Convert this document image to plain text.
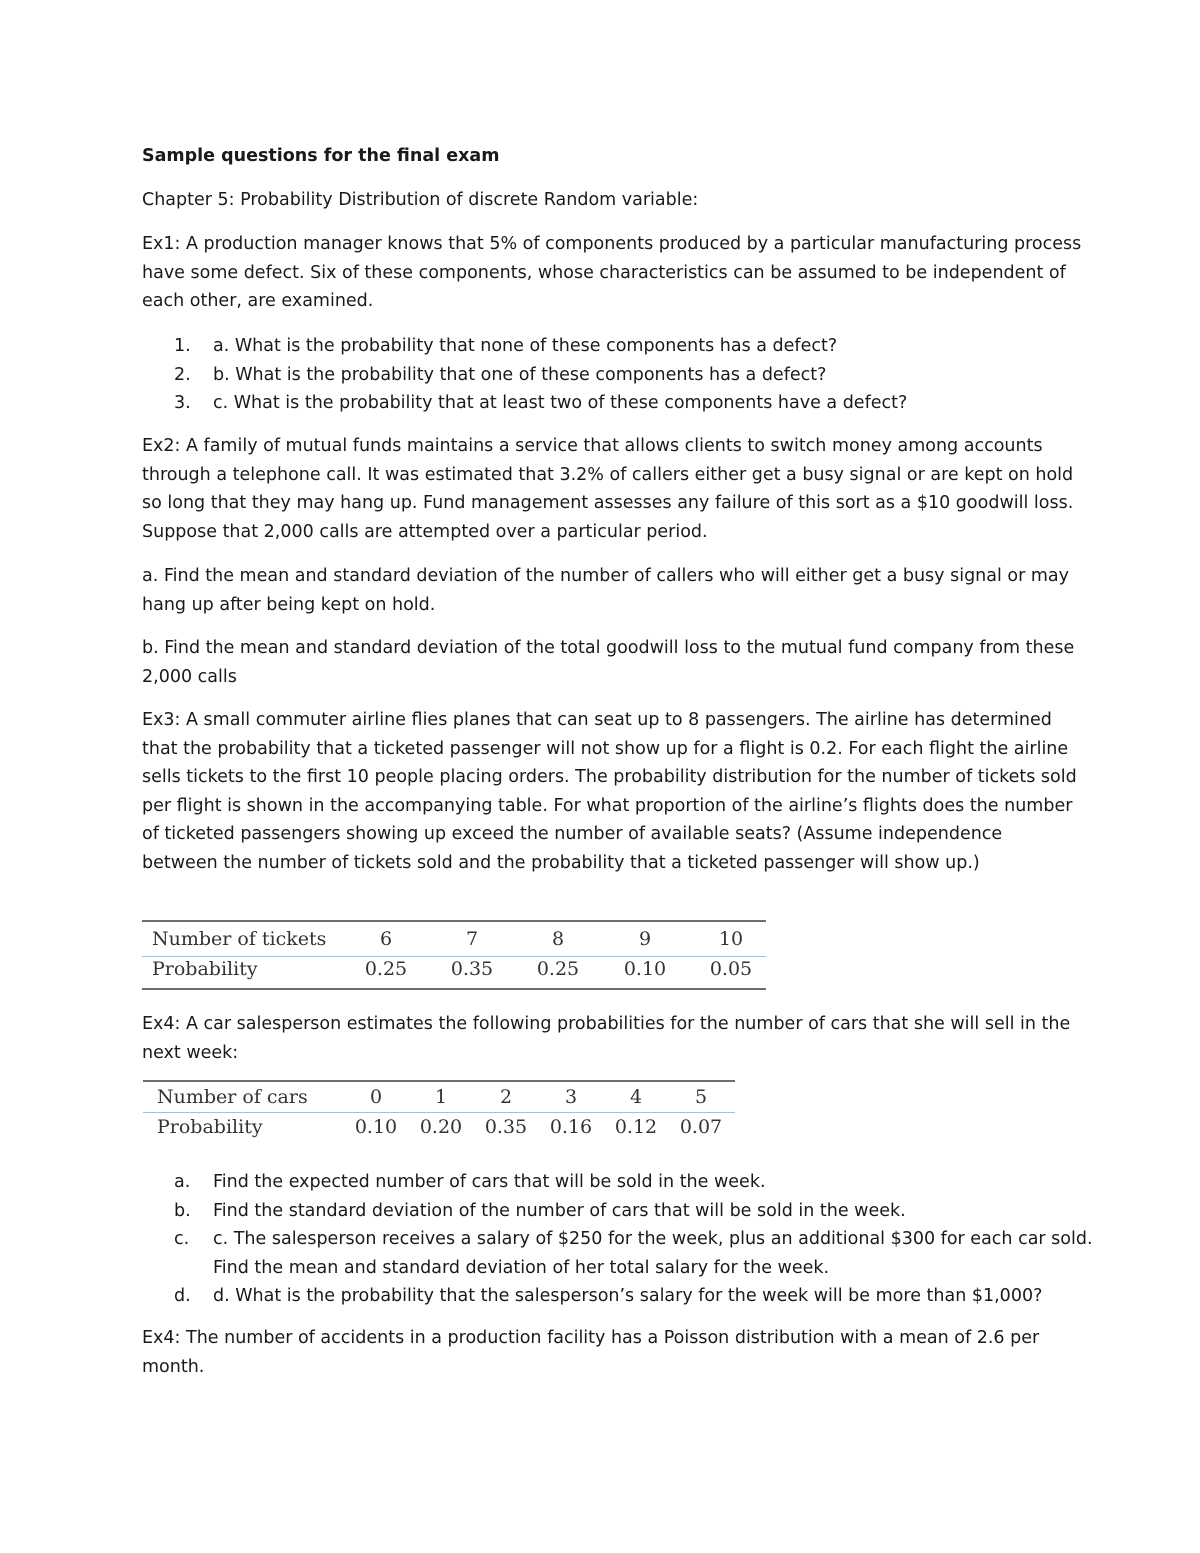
Sample questions for the final exam

Chapter 5: Probability Distribution of discrete Random variable:

Ex1: A production manager knows that 5% of components produced by a particular manufacturing process have some defect. Six of these components, whose characteristics can be assumed to be independent of each other, are examined.

1. a. What is the probability that none of these components has a defect?
2. b. What is the probability that one of these components has a defect?
3. c. What is the probability that at least two of these components have a defect?

Ex2: A family of mutual funds maintains a service that allows clients to switch money among accounts through a telephone call. It was estimated that 3.2% of callers either get a busy signal or are kept on hold so long that they may hang up. Fund management assesses any failure of this sort as a $10 goodwill loss. Suppose that 2,000 calls are attempted over a particular period.

a. Find the mean and standard deviation of the number of callers who will either get a busy signal or may hang up after being kept on hold.

b. Find the mean and standard deviation of the total goodwill loss to the mutual fund company from these 2,000 calls

Ex3: A small commuter airline flies planes that can seat up to 8 passengers. The airline has determined that the probability that a ticketed passenger will not show up for a flight is 0.2. For each flight the airline sells tickets to the first 10 people placing orders. The probability distribution for the number of tickets sold per flight is shown in the accompanying table. For what proportion of the airline’s flights does the number of ticketed passengers showing up exceed the number of available seats? (Assume independence between the number of tickets sold and the probability that a ticketed passenger will show up.)

Number of tickets	6	7	8	9	10
Probability	0.25	0.35	0.25	0.10	0.05

Ex4: A car salesperson estimates the following probabilities for the number of cars that she will sell in the next week:

Number of cars	0	1	2	3	4	5
Probability	0.10	0.20	0.35	0.16	0.12	0.07
a. Find the expected number of cars that will be sold in the week.
b. Find the standard deviation of the number of cars that will be sold in the week.
c. c. The salesperson receives a salary of $250 for the week, plus an additional $300 for each car sold. Find the mean and standard deviation of her total salary for the week.
d. d. What is the probability that the salesperson’s salary for the week will be more than $1,000?

Ex4: The number of accidents in a production facility has a Poisson distribution with a mean of 2.6 per month.
